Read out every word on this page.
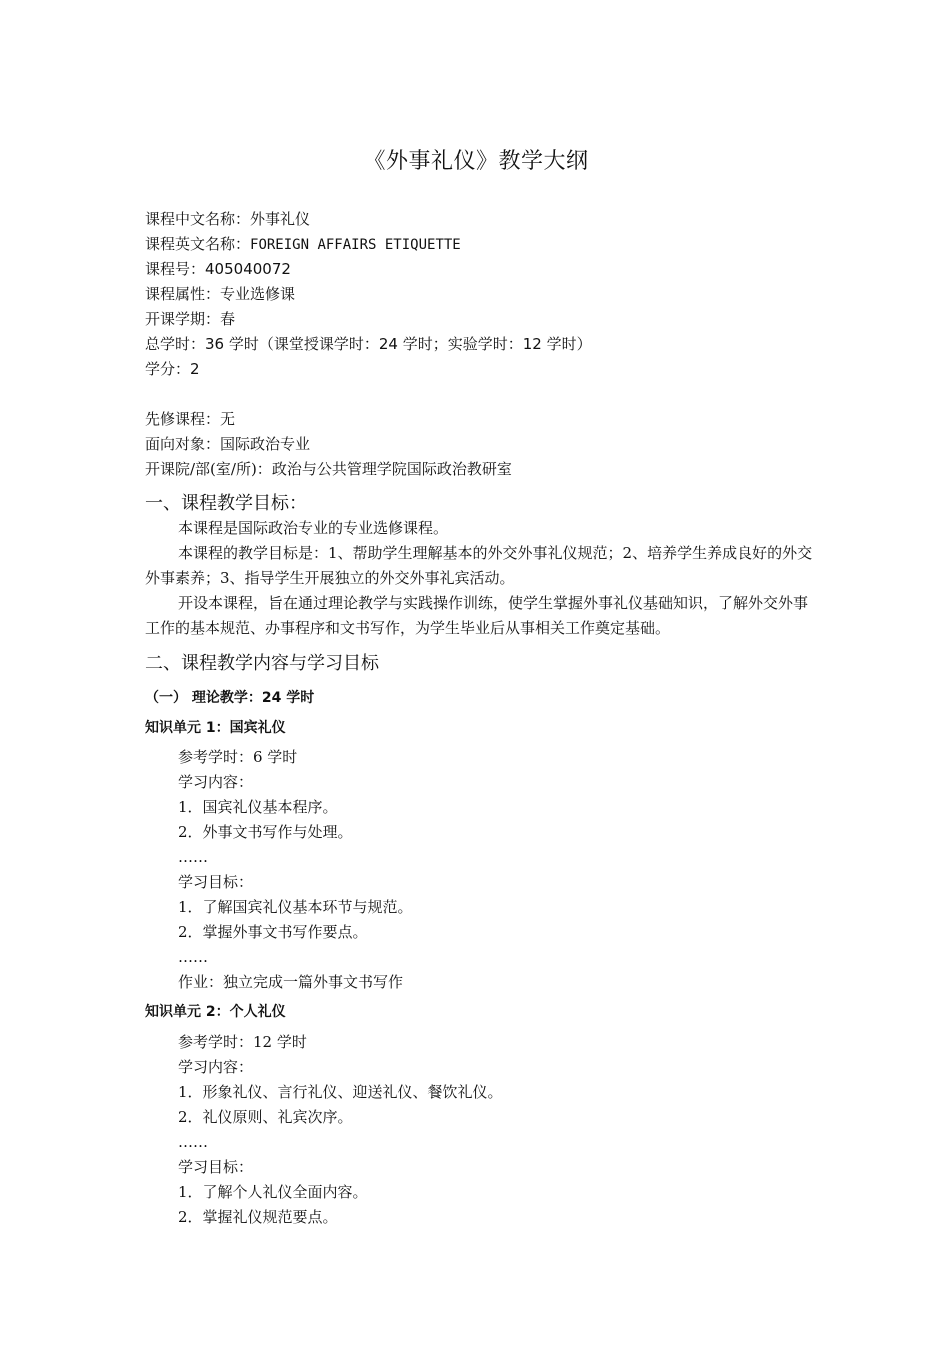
《外事礼仪》教学大纲
课程中文名称：外事礼仪
课程英文名称：FOREIGN AFFAIRS ETIQUETTE
课程号：405040072
课程属性：专业选修课
开课学期：春
总学时：36 学时（课堂授课学时：24 学时；实验学时：12 学时）
学分：2
先修课程：无
面向对象：国际政治专业
开课院/部(室/所)：政治与公共管理学院国际政治教研室
一、课程教学目标：
本课程是国际政治专业的专业选修课程。
本课程的教学目标是：1、帮助学生理解基本的外交外事礼仪规范；2、培养学生养成良好的外交外事素养；3、指导学生开展独立的外交外事礼宾活动。
开设本课程，旨在通过理论教学与实践操作训练，使学生掌握外事礼仪基础知识，了解外交外事工作的基本规范、办事程序和文书写作，为学生毕业后从事相关工作奠定基础。
二、课程教学内容与学习目标
（一） 理论教学：24 学时
知识单元 1：国宾礼仪
参考学时：6 学时
学习内容：
1．国宾礼仪基本程序。
2．外事文书写作与处理。
……
学习目标：
1．了解国宾礼仪基本环节与规范。
2．掌握外事文书写作要点。
……
作业：独立完成一篇外事文书写作
知识单元 2：个人礼仪
参考学时：12 学时
学习内容：
1．形象礼仪、言行礼仪、迎送礼仪、餐饮礼仪。
2．礼仪原则、礼宾次序。
……
学习目标：
1．了解个人礼仪全面内容。
2．掌握礼仪规范要点。
